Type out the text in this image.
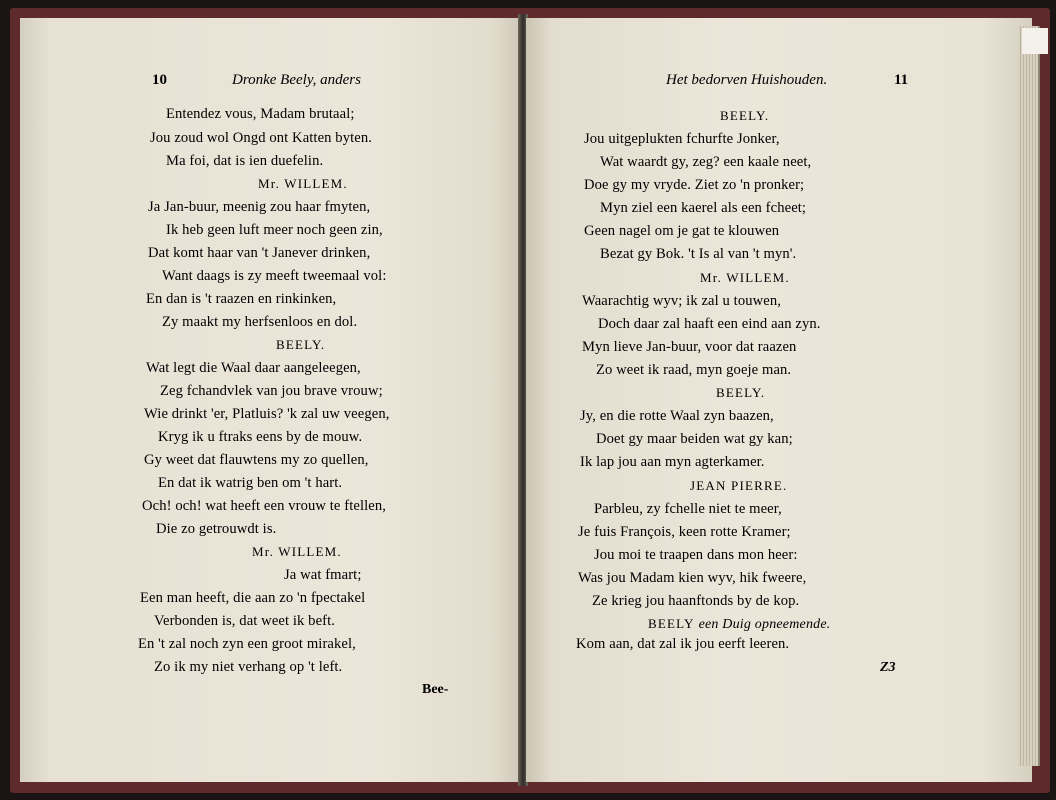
10	Dronke Beely, anders
Entendez vous, Madam brutaal;
Jou zoud wol Ongd ont Katten byten.
Ma foi, dat is ien duefelin.
Mr. WILLEM.
Ja Jan-buur, meenig zou haar fmyten,
Ik heb geen luft meer noch geen zin,
Dat komt haar van 't Janever drinken,
Want daags is zy meeft tweemaal vol:
En dan is 't raazen en rinkinken,
Zy maakt my herfsenloos en dol.
BEELY.
Wat legt die Waal daar aangeleegen,
Zeg fchandvlek van jou brave vrouw;
Wie drinkt 'er, Platluis? 'k zal uw veegen,
Kryg ik u ftraks eens by de mouw.
Gy weet dat flauwtens my zo quellen,
En dat ik watrig ben om 't hart.
Och! och! wat heeft een vrouw te ftellen,
Die zo getrouwdt is.
Mr. WILLEM.
Ja wat fmart;
Een man heeft, die aan zo 'n fpectakel
Verbonden is, dat weet ik beft.
En 't zal noch zyn een groot mirakel,
Zo ik my niet verhang op 't left.
Bee-
Het bedorven Huishouden.	11
BEELY.
Jou uitgeplukten fchurfte Jonker,
Wat waardt gy, zeg? een kaale neet,
Doe gy my vryde. Ziet zo 'n pronker;
Myn ziel een kaerel als een fcheet;
Geen nagel om je gat te klouwen
Bezat gy Bok. 't Is al van 't myn'.
Mr. WILLEM.
Waarachtig wyv; ik zal u touwen,
Doch daar zal haaft een eind aan zyn.
Myn lieve Jan-buur, voor dat raazen
Zo weet ik raad, myn goeje man.
BEELY.
Jy, en die rotte Waal zyn baazen,
Doet gy maar beiden wat gy kan;
Ik lap jou aan myn agterkamer.
JEAN PIERRE.
Parbleu, zy fchelle niet te meer,
Je fuis François, keen rotte Kramer;
Jou moi te traapen dans mon heer:
Was jou Madam kien wyv, hik fweere,
Ze krieg jou haanftonds by de kop.
BEELY een Duig opneemende.
Kom aan, dat zal ik jou eerft leeren.
Z3
